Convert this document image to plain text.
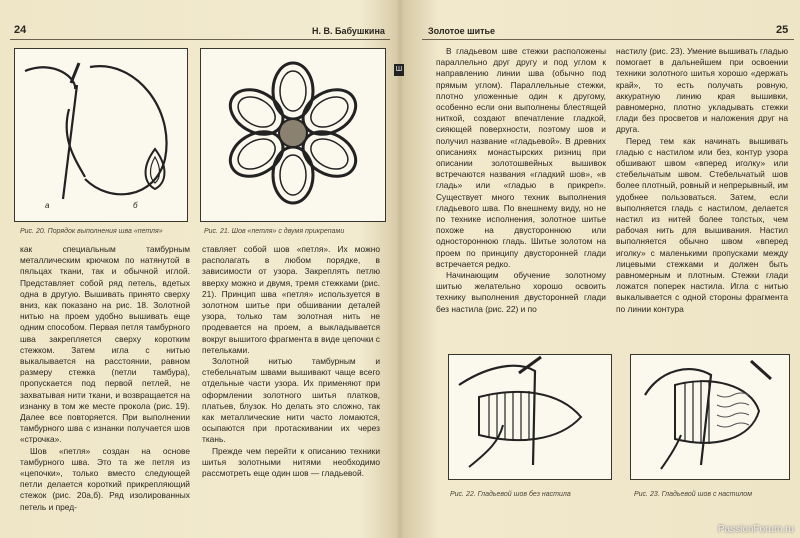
24	Н. В. Бабушкина
а	б
Рис. 20. Порядок выполнения шва «петля»	Рис. 21. Шов «петля» с двумя прикрепами

как специальным тамбурным металлическим крючком по натянутой в пяльцах ткани, так и обычной иглой. Представляет собой ряд петель, вдетых одна в другую. Вышивать принято сверху вниз, как показано на рис. 18. Золотной нитью на проем удобно вышивать еще одним способом. Первая петля тамбурного шва закрепляется сверху коротким стежком. Затем игла с нитью выкалывается на расстоянии, равном размеру стежка (петли тамбура), пропускается под первой петлей, не захватывая нити ткани, и возвращается на изнанку в том же месте прокола (рис. 19). Далее все повторяется. При выполнении тамбурного шва с изнанки получается шов «строчка».

Шов «петля» создан на основе тамбурного шва. Это та же петля из «цепочки», только вместо следующей петли делается короткий прикрепляющий стежок (рис. 20а,б). Ряд изолированных петель и пред-

ставляет собой шов «петля». Их можно располагать в любом порядке, в зависимости от узора. Закреплять петлю вверху можно и двумя, тремя стежками (рис. 21). Принцип шва «петля» используется в золотном шитье при обшивании деталей узора, только там золотная нить не продевается на проем, а выкладывается вокруг вышитого фрагмента в виде цепочки с петельками.

Золотной нитью тамбурным и стебельчатым швами вышивают чаще всего отдельные части узора. Их применяют при оформлении золотного шитья платков, платьев, блузок. Но делать это сложно, так как металлические нити часто ломаются, осыпаются при протаскивании их через ткань.

Прежде чем перейти к описанию техники шитья золотными нитями необходимо рассмотреть еще один шов — гладьевой.

Ш
Золотое шитье	25

В гладьевом шве стежки расположены параллельно друг другу и под углом к направлению линии шва (обычно под прямым углом). Параллельные стежки, плотно уложенные один к другому, особенно если они выполнены блестящей ниткой, создают впечатление гладкой, сияющей поверхности, поэтому шов и получил название «гладьевой». В древних описаниях монастырских ризниц при описании золотошвейных вышивок встречаются названия «гладкий шов», «в гладь» или «гладью в прикреп». Существует много техник выполнения гладьевого шва. По внешнему виду, но не по технике исполнения, золотное шитье похоже на двустороннюю или одностороннюю гладь. Шитье золотом на проем по принципу двусторонней глади встречается редко.

Начинающим обучение золотному шитью желательно хорошо освоить технику выполнения двусторонней глади без настила (рис. 22) и по

настилу (рис. 23). Умение вышивать гладью помогает в дальнейшем при освоении техники золотного шитья хорошо «держать край», то есть получать ровную, аккуратную линию края вышивки, равномерно, плотно укладывать стежки глади без просветов и наложения друг на друга.

Перед тем как начинать вышивать гладью с настилом или без, контур узора обшивают швом «вперед иголку» или стебельчатым швом. Стебельчатый шов более плотный, ровный и непрерывный, им удобнее пользоваться. Затем, если выполняется гладь с настилом, делается настил из нитей более толстых, чем рабочая нить для вышивания. Настил выполняется обычно швом «вперед иголку» с маленькими пропусками между лицевыми стежками и должен быть равномерным и плотным. Стежки глади ложатся поперек настила. Игла с нитью выкалывается с одной стороны фрагмента по линии контура

Рис. 22. Гладьевой шов без настила	Рис. 23. Гладьевой шов с настилом
PassionForum.ru
